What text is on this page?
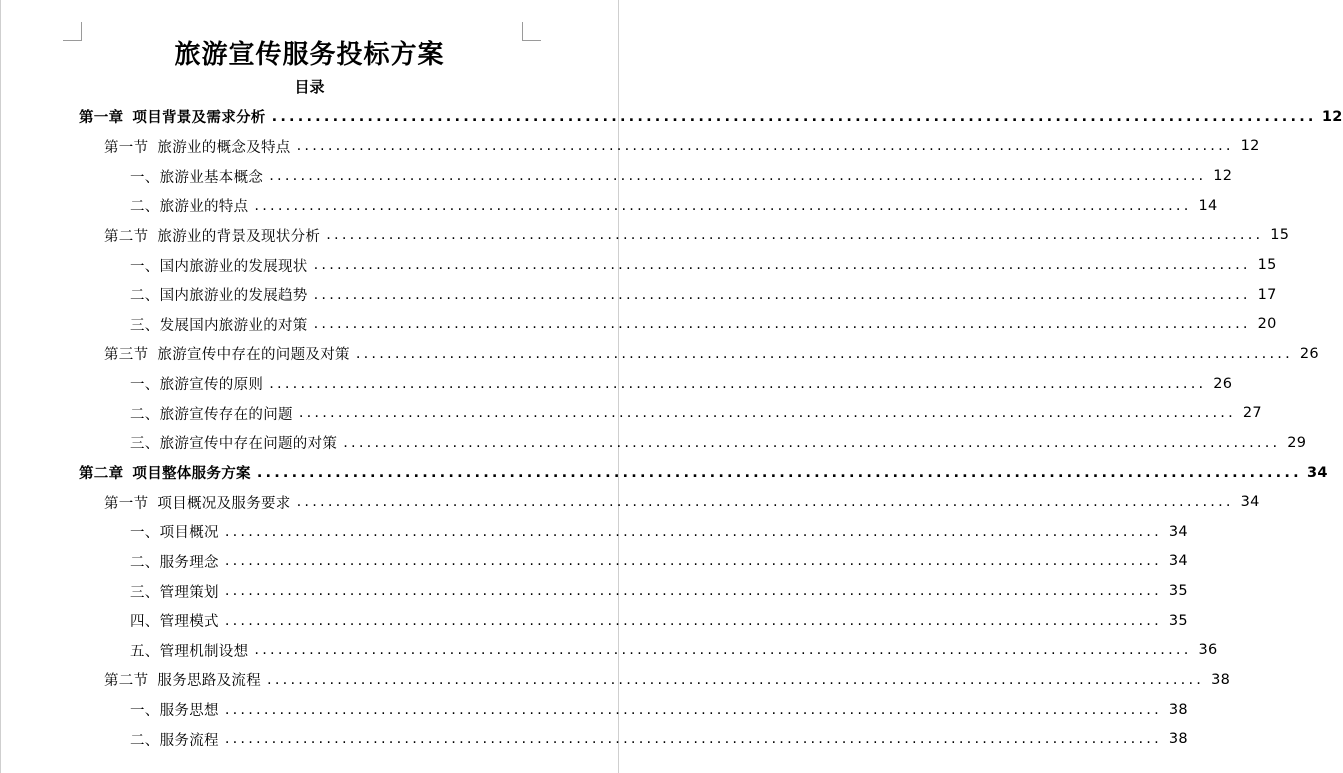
旅游宣传服务投标方案
目录
第一章 项目背景及需求分析 ........................................................................................................................ 12
第一节 旅游业的概念及特点 ........................................................................................................................ 12
一、 旅游业基本概念 ........................................................................................................................ 12
二、 旅游业的特点 ........................................................................................................................ 14
第二节 旅游业的背景及现状分析 ........................................................................................................................ 15
一、 国内旅游业的发展现状 ........................................................................................................................ 15
二、 国内旅游业的发展趋势 ........................................................................................................................ 17
三、 发展国内旅游业的对策 ........................................................................................................................ 20
第三节 旅游宣传中存在的问题及对策 ........................................................................................................................ 26
一、 旅游宣传的原则 ........................................................................................................................ 26
二、 旅游宣传存在的问题 ........................................................................................................................ 27
三、 旅游宣传中存在问题的对策 ........................................................................................................................ 29
第二章 项目整体服务方案 ........................................................................................................................ 34
第一节 项目概况及服务要求 ........................................................................................................................ 34
一、 项目概况 ........................................................................................................................ 34
二、 服务理念 ........................................................................................................................ 34
三、 管理策划 ........................................................................................................................ 35
四、 管理模式 ........................................................................................................................ 35
五、 管理机制设想 ........................................................................................................................ 36
第二节 服务思路及流程 ........................................................................................................................ 38
一、 服务思想 ........................................................................................................................ 38
二、 服务流程 ........................................................................................................................ 38
